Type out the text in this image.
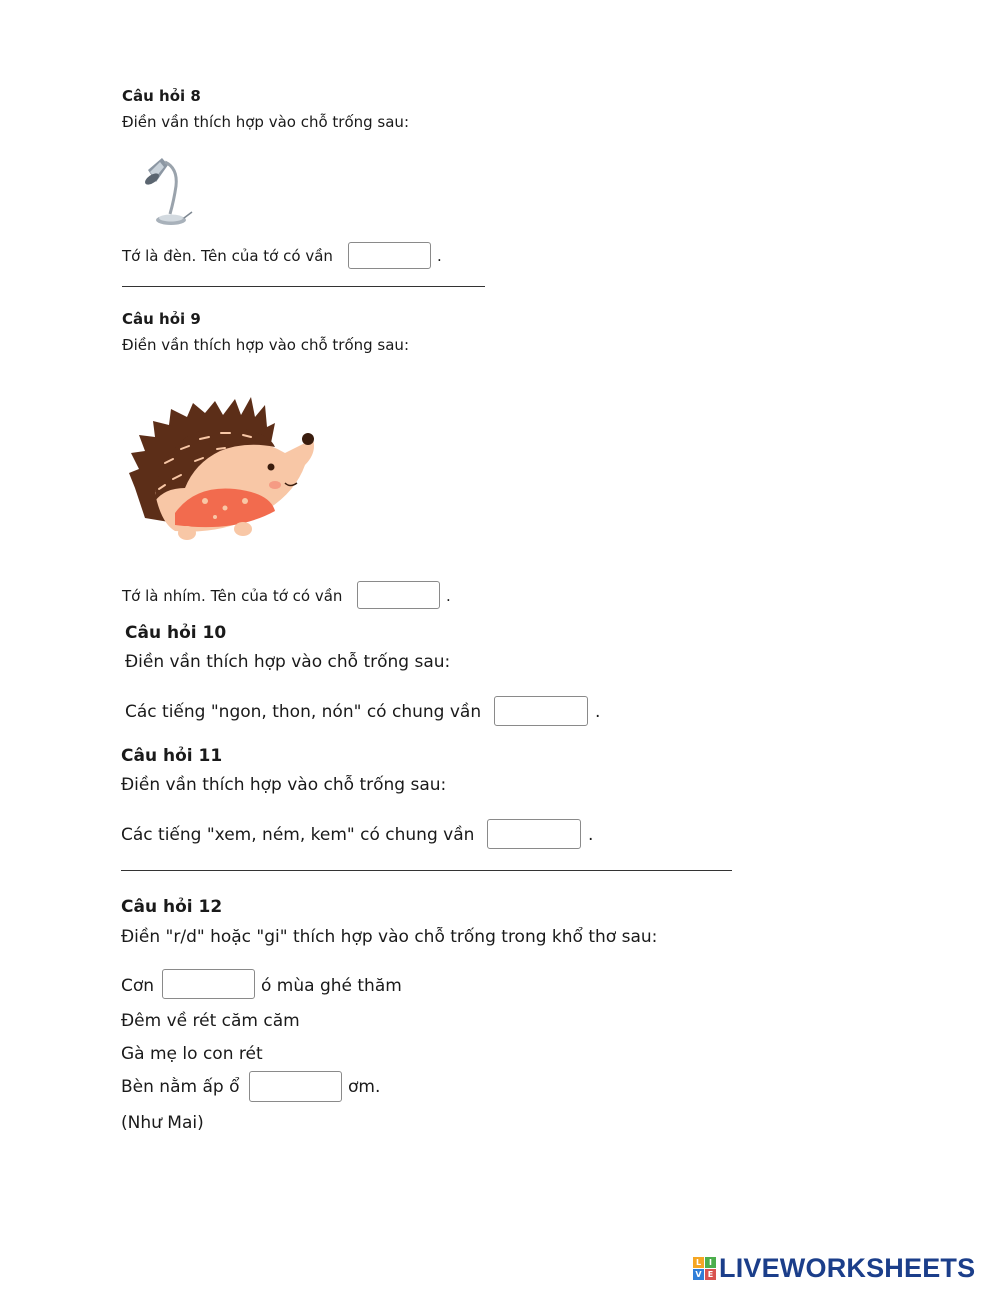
Câu hỏi 8
Điền vần thích hợp vào chỗ trống sau:
Tớ là đèn. Tên của tớ có vần	.
Câu hỏi 9
Điền vần thích hợp vào chỗ trống sau:
Tớ là nhím. Tên của tớ có vần	.
Câu hỏi 10
Điền vần thích hợp vào chỗ trống sau:
Các tiếng "ngon, thon, nón" có chung vần	.
Câu hỏi 11
Điền vần thích hợp vào chỗ trống sau:
Các tiếng "xem, ném, kem" có chung vần	.
Câu hỏi 12
Điền "r/d" hoặc "gi" thích hợp vào chỗ trống trong khổ thơ sau:
Cơn	ó mùa ghé thăm
Đêm về rét căm căm
Gà mẹ lo con rét
Bèn nằm ấp ổ	ơm.
(Như Mai)
L I
V E LIVEWORKSHEETS
